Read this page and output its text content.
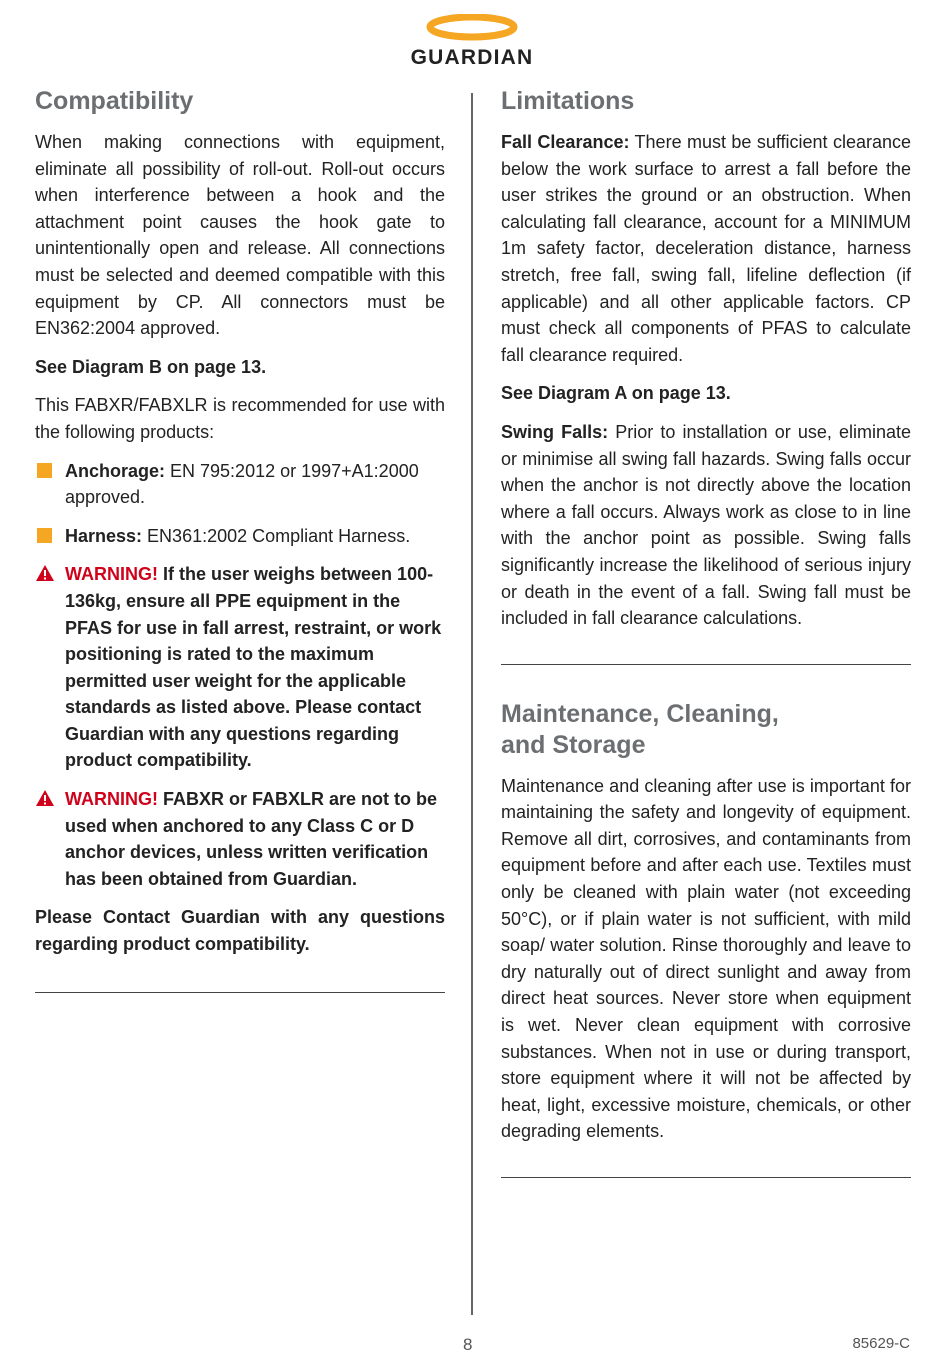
GUARDIAN
Compatibility

When making connections with equipment, eliminate all possibility of roll-out. Roll-out occurs when interference between a hook and the attachment point causes the hook gate to unintentionally open and release. All connections must be selected and deemed compatible with this equipment by CP. All connectors must be EN362:2004 approved.

See Diagram B on page 13.

This FABXR/FABXLR is recommended for use with the following products:

Anchorage: EN 795:2012 or 1997+A1:2000 approved.
Harness: EN361:2002 Compliant Harness.
WARNING! If the user weighs between 100-136kg, ensure all PPE equipment in the PFAS for use in fall arrest, restraint, or work positioning is rated to the maximum permitted user weight for the applicable standards as listed above. Please contact Guardian with any questions regarding product compatibility.
WARNING! FABXR or FABXLR are not to be used when anchored to any Class C or D anchor devices, unless written verification has been obtained from Guardian.

Please Contact Guardian with any questions regarding product compatibility.

Limitations

Fall Clearance: There must be sufficient clearance below the work surface to arrest a fall before the user strikes the ground or an obstruction. When calculating fall clearance, account for a MINIMUM 1m safety factor, deceleration distance, harness stretch, free fall, swing fall, lifeline deflection (if applicable) and all other applicable factors. CP must check all components of PFAS to calculate fall clearance required.

See Diagram A on page 13.

Swing Falls: Prior to installation or use, eliminate or minimise all swing fall hazards. Swing falls occur when the anchor is not directly above the location where a fall occurs. Always work as close to in line with the anchor point as possible. Swing falls significantly increase the likelihood of serious injury or death in the event of a fall. Swing fall must be included in fall clearance calculations.

Maintenance, Cleaning,
and Storage

Maintenance and cleaning after use is important for maintaining the safety and longevity of equipment. Remove all dirt, corrosives, and contaminants from equipment before and after each use. Textiles must only be cleaned with plain water (not exceeding 50°C), or if plain water is not sufficient, with mild soap/ water solution. Rinse thoroughly and leave to dry naturally out of direct sunlight and away from direct heat sources. Never store when equipment is wet. Never clean equipment with corrosive substances. When not in use or during transport, store equipment where it will not be affected by heat, light, excessive moisture, chemicals, or other degrading elements.

8	85629-C
